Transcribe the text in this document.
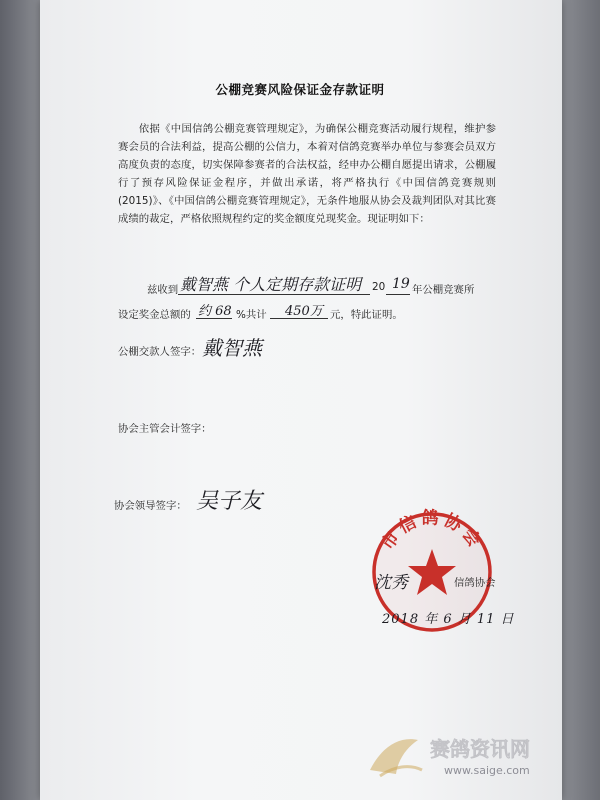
公棚竞赛风险保证金存款证明
依据《中国信鸽公棚竞赛管理规定》，为确保公棚竞赛活动履行规程，维护参赛会员的合法利益，提高公棚的公信力，本着对信鸽竞赛举办单位与参赛会员双方高度负责的态度，切实保障参赛者的合法权益，经申办公棚自愿提出请求，公棚履行了预存风险保证金程序，并做出承诺，将严格执行《中国信鸽竞赛规则(2015)》、《中国信鸽公棚竞赛管理规定》，无条件地服从协会及裁判团队对其比赛成绩的裁定，严格依照规程约定的奖金额度兑现奖金。现证明如下：
兹收到 戴智燕 个人定期存款证明 20 19 年公棚竞赛所
设定奖金总额的 约 68 %共计 450万 元，特此证明。
公棚交款人签字： 戴智燕
协会主管会计签字：
协会领导签字： 吴子友
市信鸽协会
沈秀	信鸽协会
2018 年 6 月 11 日
赛鸽资讯网
www.saige.com
